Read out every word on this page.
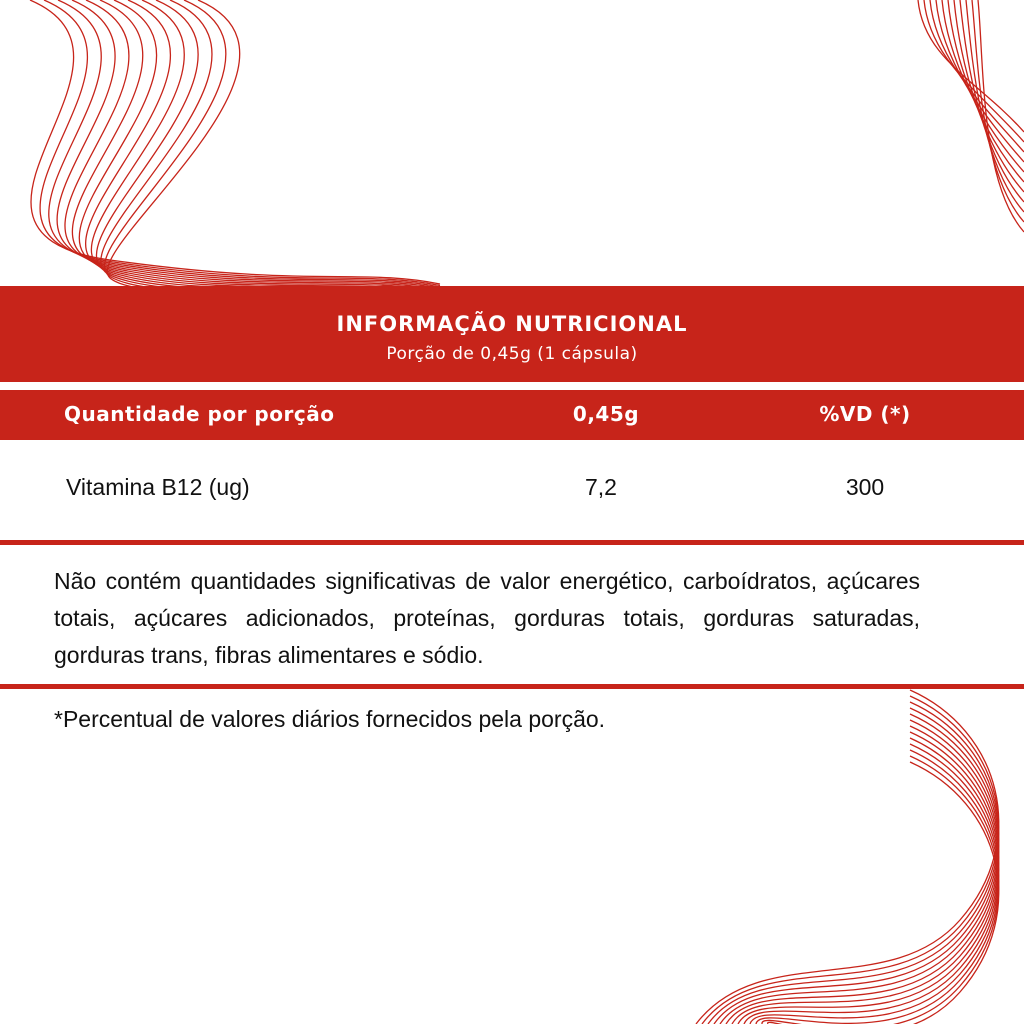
INFORMAÇÃO NUTRICIONAL
Porção de 0,45g (1 cápsula)
Quantidade por porção	0,45g	%VD (*)
Vitamina B12 (ug)	7,2	300
Não contém quantidades significativas de valor energético, carboídratos, açúcares totais, açúcares adicionados, proteínas, gorduras totais, gorduras saturadas, gorduras trans, fibras alimentares e sódio.
*Percentual de valores diários fornecidos pela porção.
